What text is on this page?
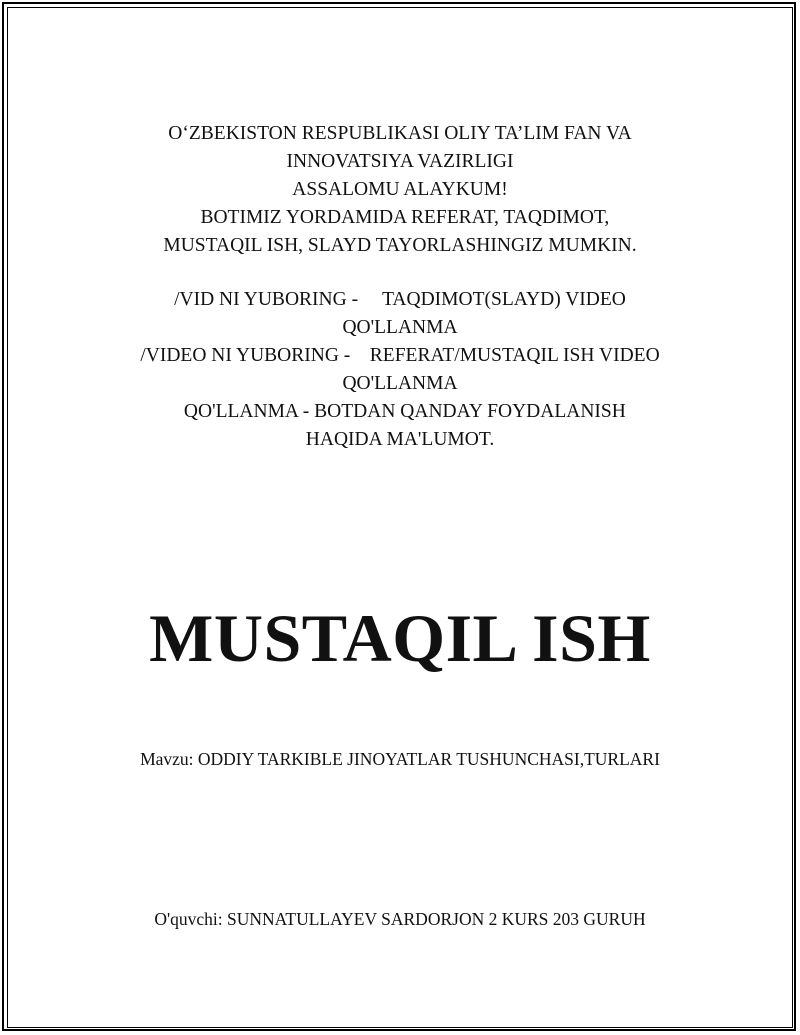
O‘ZBEKISTON RESPUBLIKASI OLIY TA’LIM FAN VA
INNOVATSIYA VAZIRLIGI
ASSALOMU ALAYKUM!
BOTIMIZ YORDAMIDA REFERAT, TAQDIMOT,
MUSTAQIL ISH, SLAYD TAYORLASHINGIZ MUMKIN.
/VID NI YUBORING -     TAQDIMOT(SLAYD) VIDEO
QO'LLANMA
/VIDEO NI YUBORING -    REFERAT/MUSTAQIL ISH VIDEO
QO'LLANMA
QO'LLANMA - BOTDAN QANDAY FOYDALANISH
HAQIDA MA'LUMOT.
MUSTAQIL ISH
Mavzu: ODDIY TARKIBLE JINOYATLAR TUSHUNCHASI,TURLARI
O'quvchi: SUNNATULLAYEV SARDORJON 2 KURS 203 GURUH
